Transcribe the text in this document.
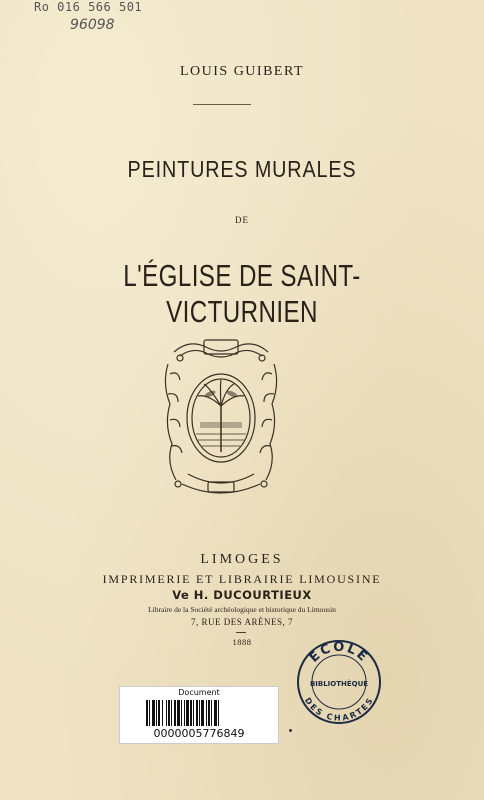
Ro 016 566 501
96098
LOUIS GUIBERT
PEINTURES MURALES
DE
L'ÉGLISE DE SAINT-VICTURNIEN
LIMOGES
IMPRIMERIE ET LIBRAIRIE LIMOUSINE
Ve H. DUCOURTIEUX
Libraire de la Société archéologique et historique du Limousin
7, RUE DES ARÈNES, 7
1888
Document
0000005776849
ECOLE
BIBLIOTHÈQUE
DES CHARTES
